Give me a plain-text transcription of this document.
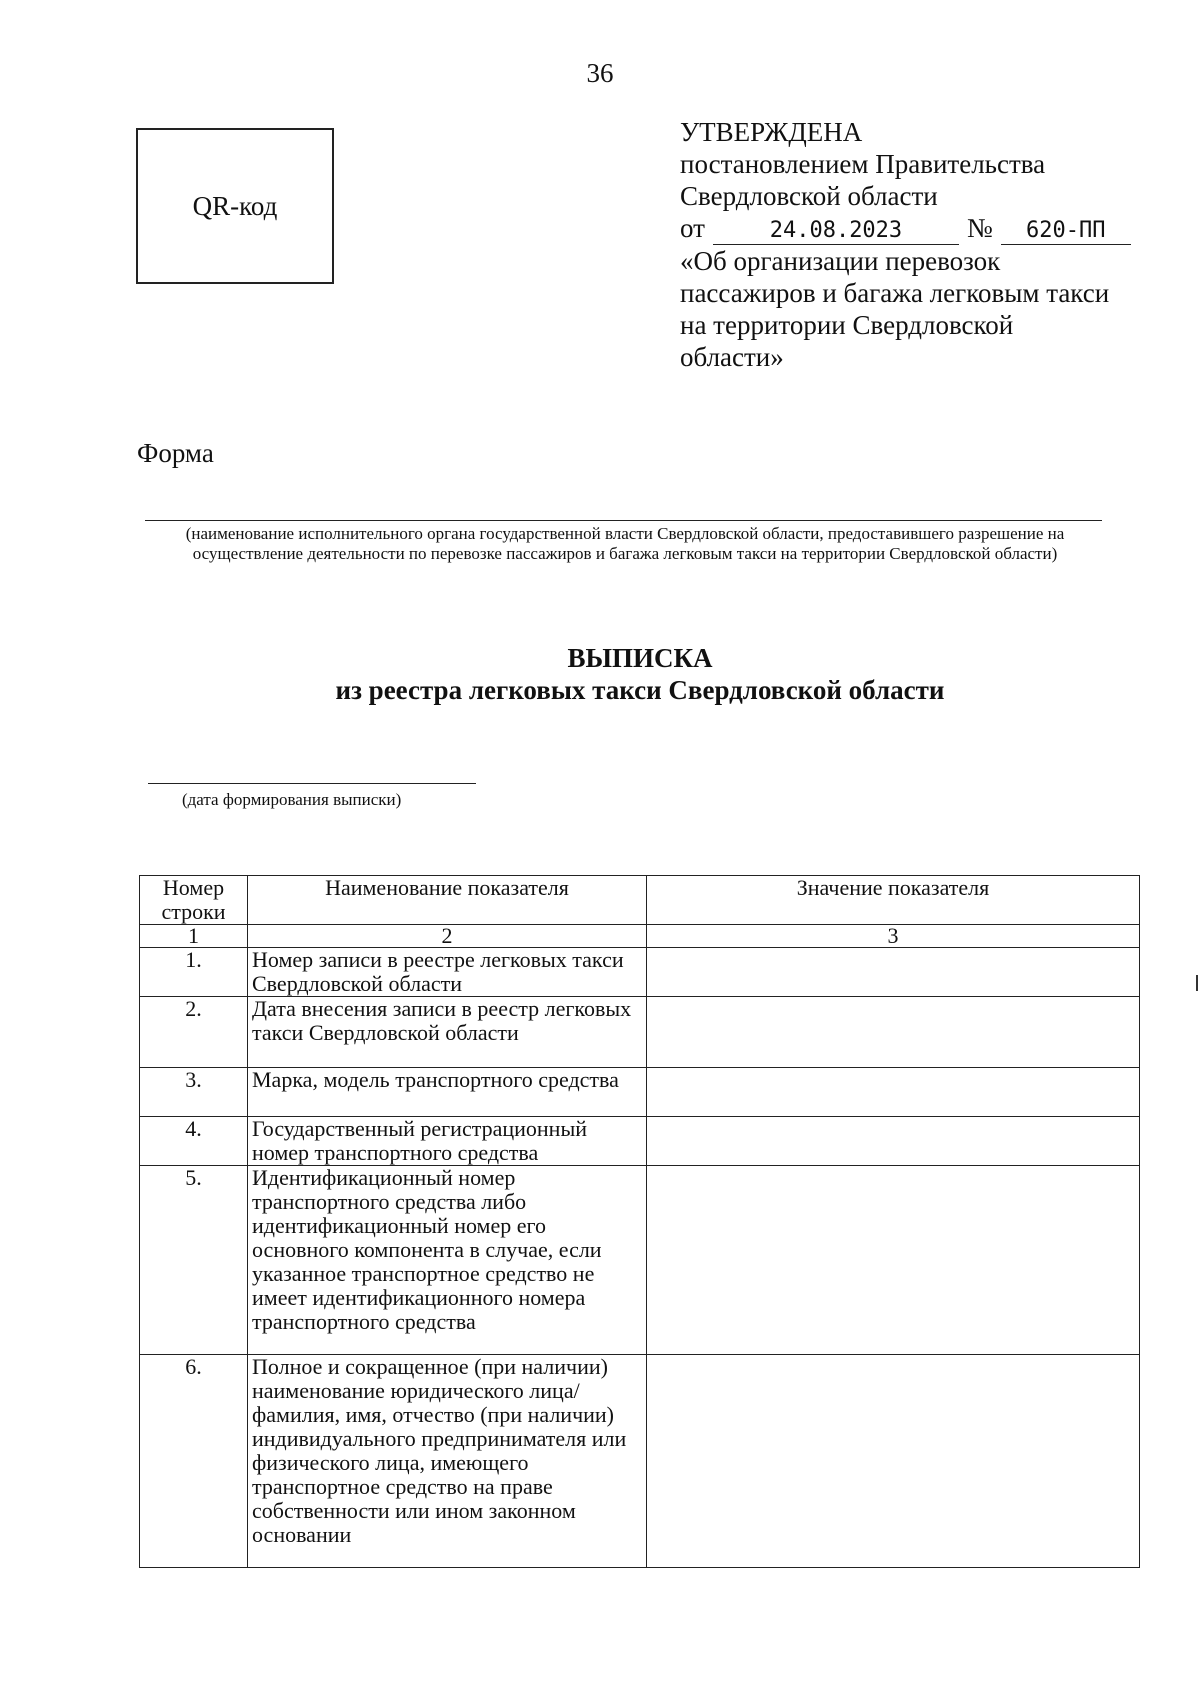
36
QR-код
УТВЕРЖДЕНА
постановлением Правительства
Свердловской области
от	24.08.2023 № 620-ПП
«Об организации перевозок
пассажиров и багажа легковым такси
на территории Свердловской
области»
Форма
(наименование исполнительного органа государственной власти Свердловской области, предоставившего разрешение на осуществление деятельности по перевозке пассажиров и багажа легковым такси на территории Свердловской области)
ВЫПИСКА
из реестра легковых такси Свердловской области
(дата формирования выписки)
Номер строки	Наименование показателя	Значение показателя
1	2	3
1.	Номер записи в реестре легковых такси Свердловской области	
2.	Дата внесения записи в реестр легковых такси Свердловской области	
3.	Марка, модель транспортного средства	
4.	Государственный регистрационный номер транспортного средства	
5.	Идентификационный номер транспортного средства либо идентификационный номер его основного компонента в случае, если указанное транспортное средство не имеет идентификационного номера транспортного средства	
6.	Полное и сокращенное (при наличии) наименование юридического лица/фамилия, имя, отчество (при наличии) индивидуального предпринимателя или физического лица, имеющего транспортное средство на праве собственности или ином законном основании	
